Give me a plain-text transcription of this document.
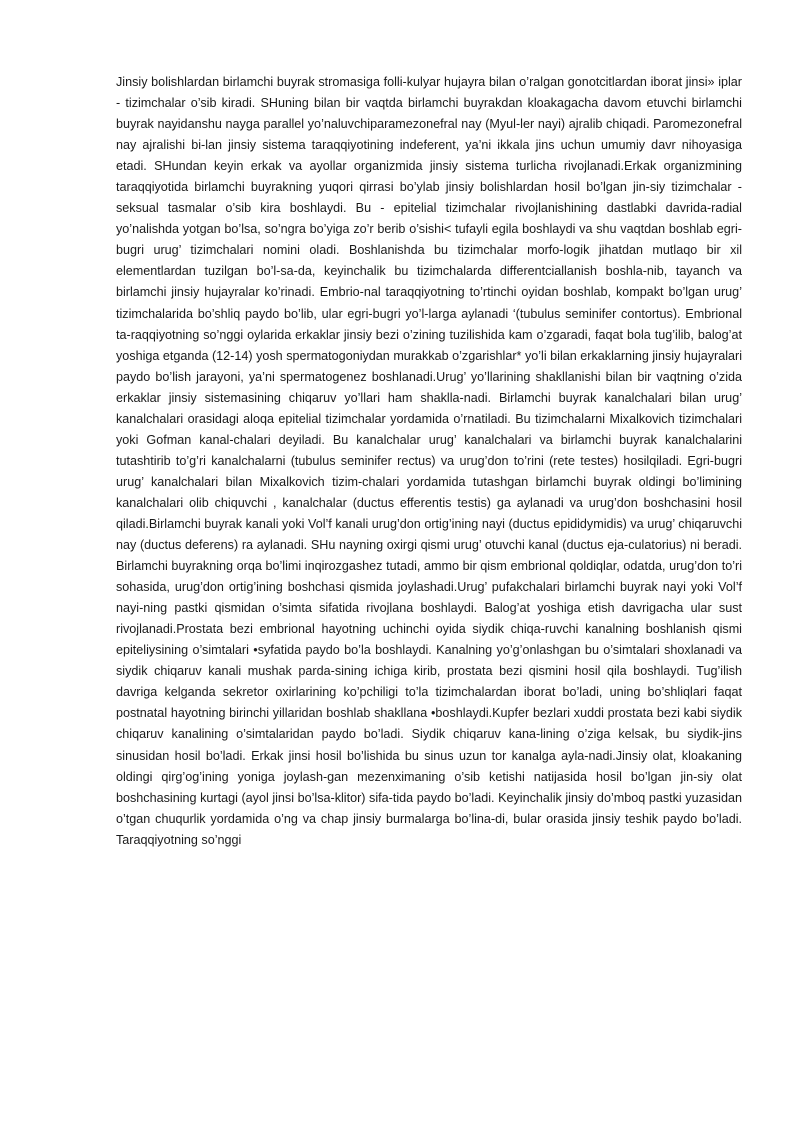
Jinsiy bolishlardan birlamchi buyrak stromasiga folli-kulyar hujayra bilan o’ralgan gonotcitlardan iborat jinsi» iplar - tizimchalar o’sib kiradi. SHuning bilan bir vaqtda birlamchi buyrakdan kloakagacha davom etuvchi birlamchi buyrak nayidanshu nayga parallel yo’naluvchiparamezonefral nay (Myul-ler nayi) ajralib chiqadi. Paromezonefral nay ajralishi bi-lan jinsiy sistema taraqqiyotining indeferent, ya’ni ikkala jins uchun umumiy davr nihoyasiga etadi. SHundan keyin erkak va ayollar organizmida jinsiy sistema turlicha rivojlanadi.Erkak organizmining taraqqiyotida birlamchi buyrakning yuqori qirrasi bo’ylab jinsiy bolishlardan hosil bo’lgan jin-siy tizimchalar - seksual tasmalar o’sib kira boshlaydi. Bu - epitelial tizimchalar rivojlanishining dastlabki davrida-radial yo’nalishda yotgan bo’lsa, so’ngra bo’yiga zo’r berib o’sishi< tufayli egila boshlaydi va shu vaqtdan boshlab egri-bugri urug’ tizimchalari nomini oladi. Boshlanishda bu tizimchalar morfo-logik jihatdan mutlaqo bir xil elementlardan tuzilgan bo’l-sa-da, keyinchalik bu tizimchalarda differentciallanish boshla-nib, tayanch va birlamchi jinsiy hujayralar ko’rinadi. Embrio-nal taraqqiyotning to’rtinchi oyidan boshlab, kompakt bo’lgan urug’ tizimchalarida bo’shliq paydo bo’lib, ular egri-bugri yo’l-larga aylanadi ‘(tubulus seminifer contortus). Embrional ta-raqqiyotning so’nggi oylarida erkaklar jinsiy bezi o’zining tuzilishida kam o’zgaradi, faqat bola tug’ilib, balog’at yoshiga etganda (12-14) yosh spermatogoniydan murakkab o’zgarishlar* yo’li bilan erkaklarning jinsiy hujayralari paydo bo’lish jarayoni, ya’ni spermatogenez boshlanadi.Urug’ yo’llarining shakllanishi bilan bir vaqtning o’zida erkaklar jinsiy sistemasining chiqaruv yo’llari ham shaklla-nadi. Birlamchi buyrak kanalchalari bilan urug’ kanalchalari orasidagi aloqa epitelial tizimchalar yordamida o’rnatiladi. Bu tizimchalarni Mixalkovich tizimchalari yoki Gofman kanal-chalari deyiladi. Bu kanalchalar urug’ kanalchalari va birlamchi buyrak kanalchalarini tutashtirib to’g’ri kanalchalarni (tubulus seminifer rectus) va urug’don to’rini (rete testes) hosilqiladi. Egri-bugri urug’ kanalchalari bilan Mixalkovich tizim-chalari yordamida tutashgan birlamchi buyrak oldingi bo’limining kanalchalari olib chiquvchi , kanalchalar (ductus efferentis testis) ga aylanadi va urug’don boshchasini hosil qiladi.Birlamchi buyrak kanali yoki Vol’f kanali urug’don ortig’ining nayi (ductus epididymidis) va urug’ chiqaruvchi nay (ductus deferens) ra aylanadi. SHu nayning oxirgi qismi urug’ otuvchi kanal (ductus eja-culatorius) ni beradi. Birlamchi buyrakning orqa bo’limi inqirozgashez tutadi, ammo bir qism embrional qoldiqlar, odatda, urug’don to’ri sohasida, urug’don ortig’ining boshchasi qismida joylashadi.Urug’ pufakchalari birlamchi buyrak nayi yoki Vol’f nayi-ning pastki qismidan o’simta sifatida rivojlana boshlaydi. Balog’at yoshiga etish davrigacha ular sust rivojlanadi.Prostata bezi embrional hayotning uchinchi oyida siydik chiqa-ruvchi kanalning boshlanish qismi epiteliysining o’simtalari •syfatida paydo bo’la boshlaydi. Kanalning yo’g’onlashgan bu o’simtalari shoxlanadi va siydik chiqaruv kanali mushak parda-sining ichiga kirib, prostata bezi qismini hosil qila boshlaydi. Tug’ilish davriga kelganda sekretor oxirlarining ko’pchiligi to’la tizimchalardan iborat bo’ladi, uning bo’shliqlari faqat postnatal hayotning birinchi yillaridan boshlab shakllana •boshlaydi.Kupfer bezlari xuddi prostata bezi kabi siydik chiqaruv kanalining o’simtalaridan paydo bo’ladi. Siydik chiqaruv kana-lining o’ziga kelsak, bu siydik-jins sinusidan hosil bo’ladi. Erkak jinsi hosil bo’lishida bu sinus uzun tor kanalga ayla-nadi.Jinsiy olat, kloakaning oldingi qirg’og’ining yoniga joylash-gan mezenximaning o’sib ketishi natijasida hosil bo’lgan jin-siy olat boshchasining kurtagi (ayol jinsi bo’lsa-klitor) sifa-tida paydo bo’ladi. Keyinchalik jinsiy do’mboq pastki yuzasidan o’tgan chuqurlik yordamida o’ng va chap jinsiy burmalarga bo’lina-di, bular orasida jinsiy teshik paydo bo’ladi. Taraqqiyotning so’nggi
